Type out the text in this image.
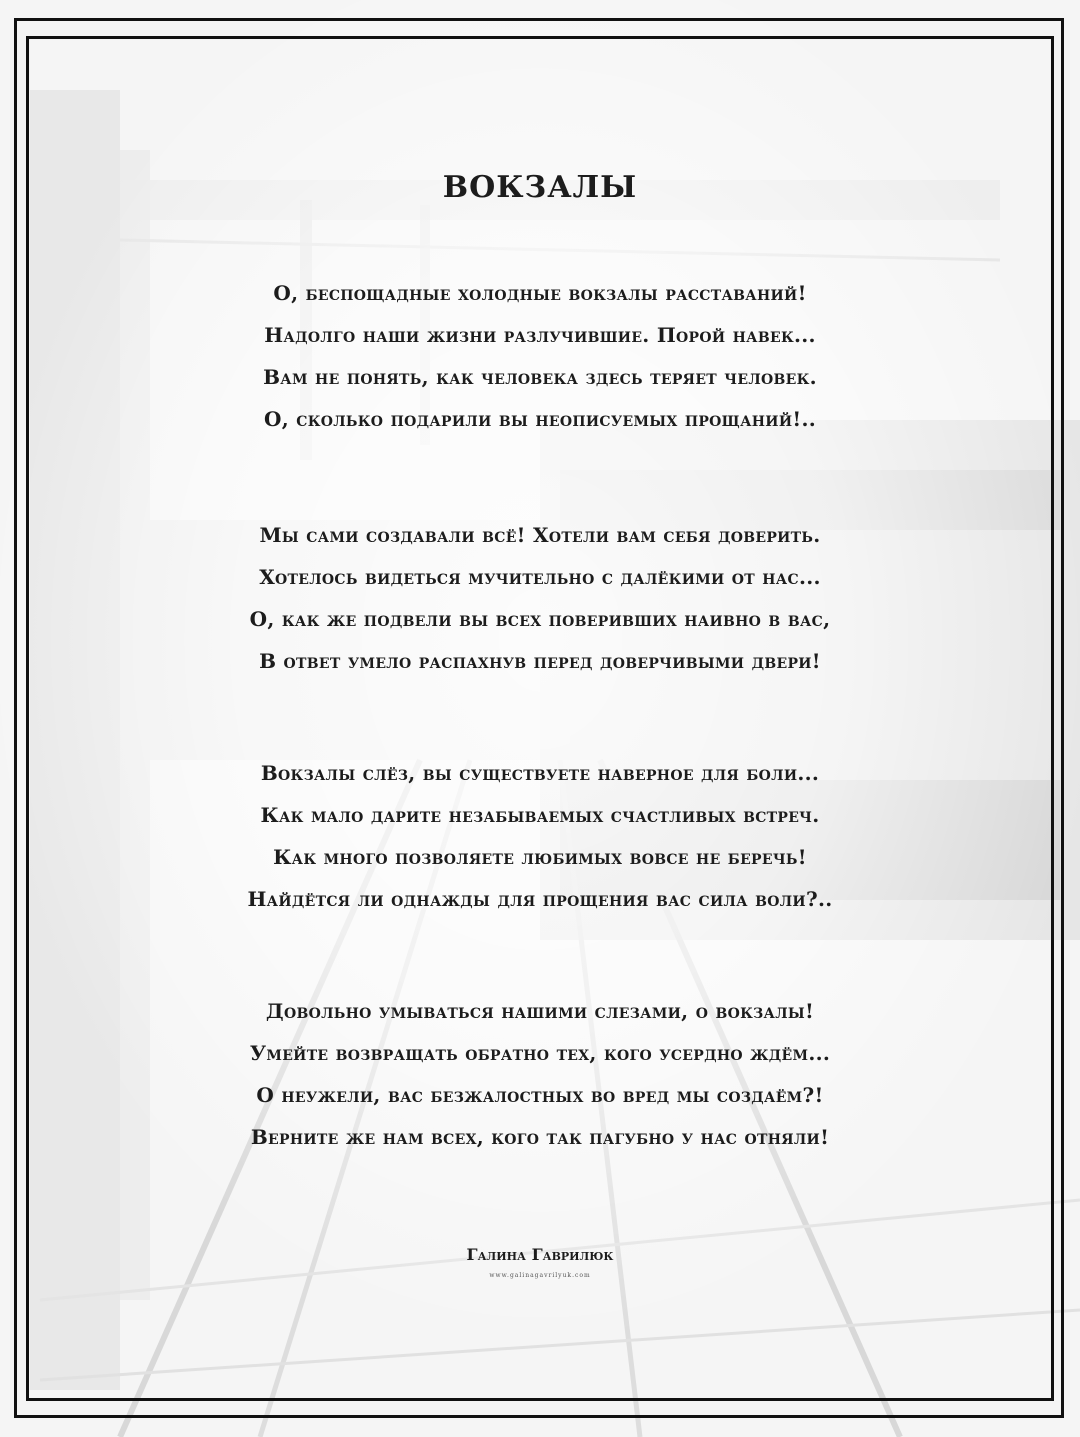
ВОКЗАЛЫ
О, беспощадные холодные вокзалы расставаний!
Надолго наши жизни разлучившие. Порой навек...
Вам не понять, как человека здесь теряет человек.
О, сколько подарили вы неописуемых прощаний!..
Мы сами создавали всё! Хотели вам себя доверить.
Хотелось видеться мучительно с далёкими от нас...
О, как же подвели вы всех поверивших наивно в вас,
В ответ умело распахнув перед доверчивыми двери!
Вокзалы слёз, вы существуете наверное для боли...
Как мало дарите незабываемых счастливых встреч.
Как много позволяете любимых вовсе не беречь!
Найдётся ли однажды для прощения вас сила воли?..
Довольно умываться нашими слезами, о вокзалы!
Умейте возвращать обратно тех, кого усердно ждём...
О неужели, вас безжалостных во вред мы создаём?!
Верните же нам всех, кого так пагубно у нас отняли!
Галина Гаврилюк
www.galinagavrilyuk.com
